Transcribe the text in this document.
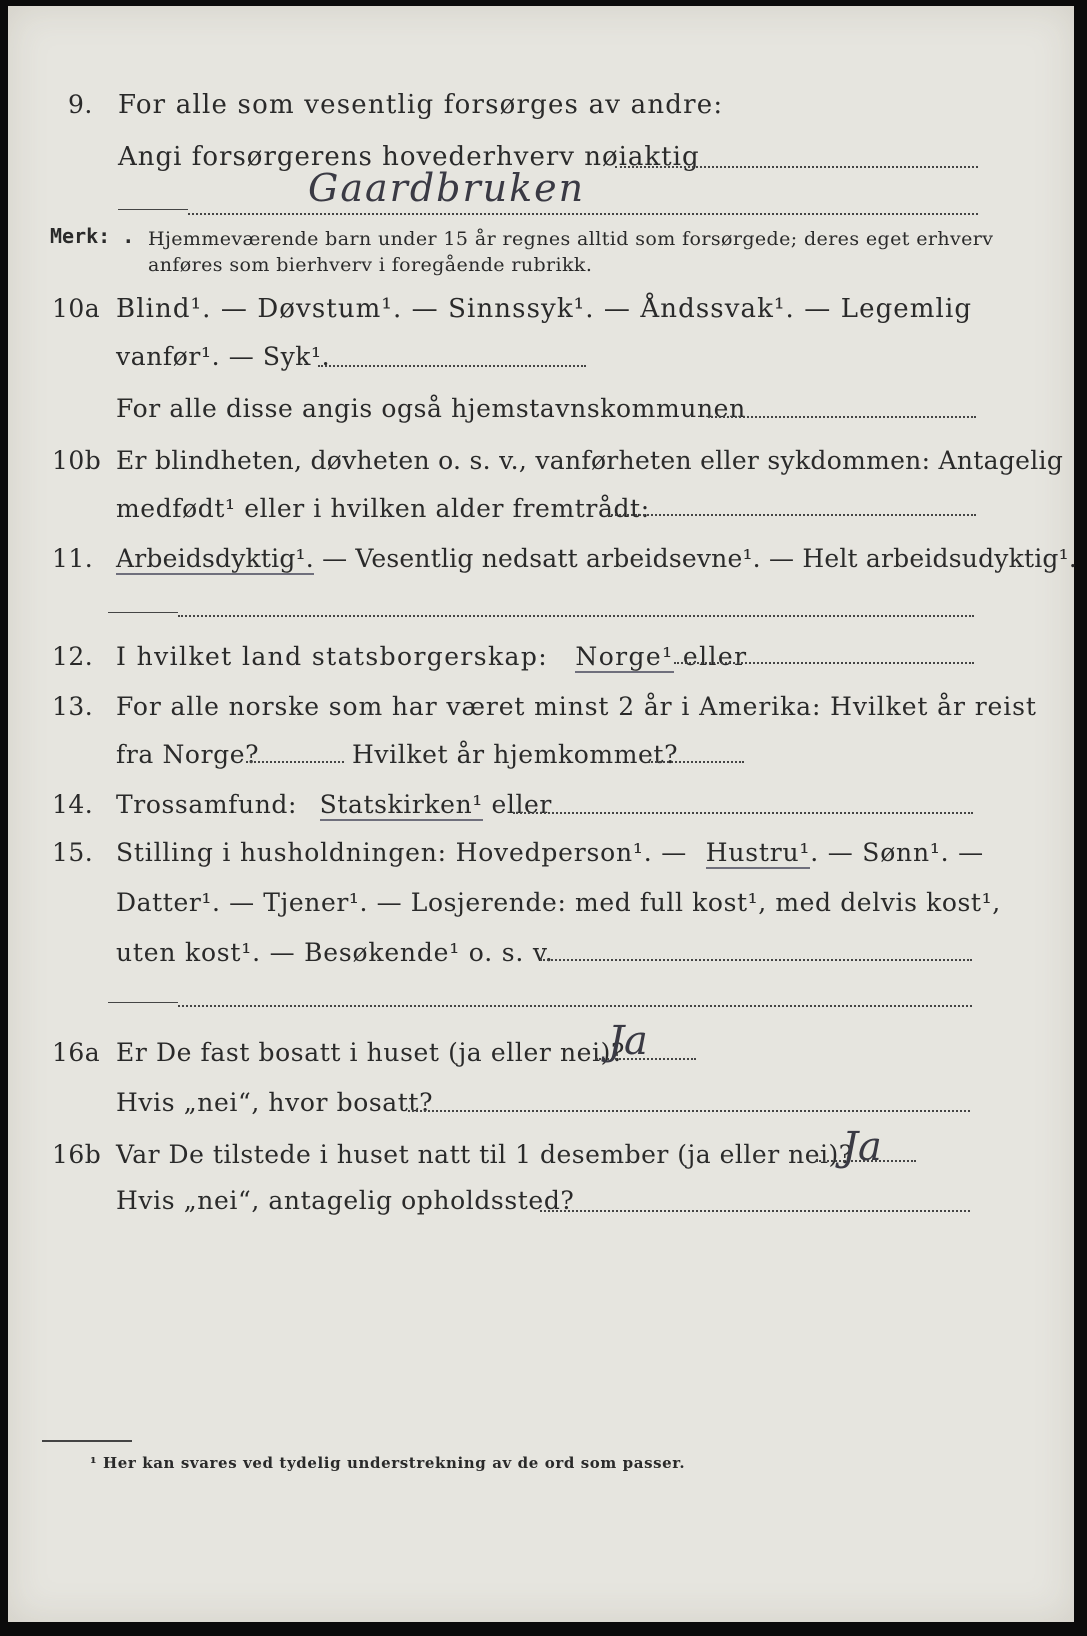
9. For alle som vesentlig forsørges av andre:
Angi forsørgerens hovederhverv nøiaktig
Gaardbruken
Merk: . Hjemmeværende barn under 15 år regnes alltid som forsørgede; deres eget erhverv
anføres som bierhverv i foregående rubrikk.
10a Blind¹. — Døvstum¹. — Sinnssyk¹. — Åndssvak¹. — Legemlig
vanfør¹. — Syk¹.
For alle disse angis også hjemstavnskommunen
10b Er blindheten, døvheten o. s. v., vanførheten eller sykdommen: Antagelig
medfødt¹ eller i hvilken alder fremtrådt:
11. Arbeidsdyktig¹. — Vesentlig nedsatt arbeidsevne¹. — Helt arbeidsudyktig¹.
12. I hvilket land statsborgerskap: Norge¹ eller
13. For alle norske som har været minst 2 år i Amerika: Hvilket år reist
fra Norge?	Hvilket år hjemkommet?
14. Trossamfund: Statskirken¹ eller
15. Stilling i husholdningen: Hovedperson¹. — Hustru¹. — Sønn¹. —
Datter¹. — Tjener¹. — Losjerende: med full kost¹, med delvis kost¹,
uten kost¹. — Besøkende¹ o. s. v.
16a Er De fast bosatt i huset (ja eller nei)?
Ja
Hvis „nei“, hvor bosatt?
16b Var De tilstede i huset natt til 1 desember (ja eller nei)?
Ja
Hvis „nei“, antagelig opholdssted?
¹ Her kan svares ved tydelig understrekning av de ord som passer.
